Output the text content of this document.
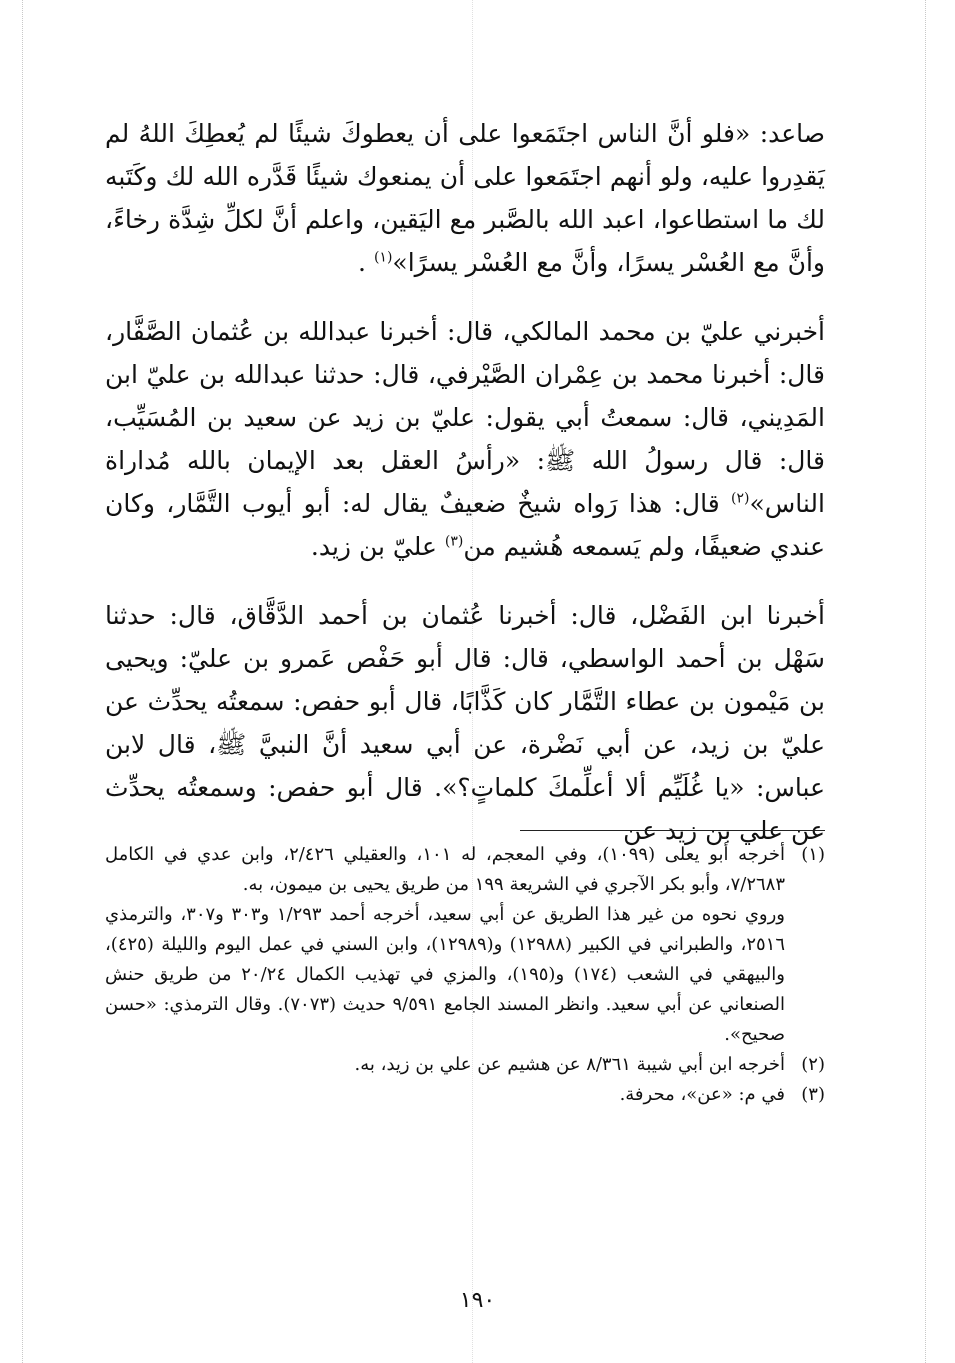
صاعد: «فلو أنَّ الناس اجتَمَعوا على أن يعطوكَ شيئًا لم يُعطِكَ اللهُ لم يَقدِروا عليه، ولو أنهم اجتَمَعوا على أن يمنعوك شيئًا قَدَّره الله لك وكَتَبه لك ما استطاعوا، اعبد الله بالصَّبر مع اليَقين، واعلم أنَّ لكلِّ شِدَّة رخاءً، وأنَّ مع العُسْر يسرًا، وأنَّ مع العُسْر يسرًا»$^{(١)}$ .

أخبرني عليّ بن محمد المالكي، قال: أخبرنا عبدالله بن عُثمان الصَّفَّار، قال: أخبرنا محمد بن عِمْران الصَّيْرفي، قال: حدثنا عبدالله بن عليّ ابن المَدِيني، قال: سمعتُ أبي يقول: عليّ بن زيد عن سعيد بن المُسَيِّب، قال: قال رسولُ الله ﷺ: «رأسُ العقل بعد الإيمان بالله مُداراة الناس»$^{(٢)}$ قال: هذا رَواه شيخٌ ضعيفٌ يقال له: أبو أيوب التَّمَّار، وكان عندي ضعيفًا، ولم يَسمعه هُشيم من$^{(٣)}$ عليّ بن زيد.

أخبرنا ابن الفَضْل، قال: أخبرنا عُثمان بن أحمد الدَّقَّاق، قال: حدثنا سَهْل بن أحمد الواسطي، قال: قال أبو حَفْص عَمرو بن عليّ: ويحيى بن مَيْمون بن عطاء التَّمَّار كان كَذَّابًا، قال أبو حفص: سمعتُه يحدِّث عن عليّ بن زيد، عن أبي نَضْرة، عن أبي سعيد أنَّ النبيَّ ﷺ، قال لابن عباس: «يا غُلَيِّم ألا أعلِّمكَ كلماتٍ؟». قال أبو حفص: وسمعتُه يحدِّث عن علي بن زيد عن

(١)
أخرجه أبو يعلى (١٠٩٩)، وفي المعجم، له ١٠١، والعقيلي ٢/٤٢٦، وابن عدي في الكامل ٧/٢٦٨٣، وأبو بكر الآجري في الشريعة ١٩٩ من طريق يحيى بن ميمون، به.

وروي نحوه من غير هذا الطريق عن أبي سعيد، أخرجه أحمد ١/٢٩٣ و٣٠٣ و٣٠٧، والترمذي ٢٥١٦، والطبراني في الكبير (١٢٩٨٨) و(١٢٩٨٩)، وابن السني في عمل اليوم والليلة (٤٢٥)، والبيهقي في الشعب (١٧٤) و(١٩٥)، والمزي في تهذيب الكمال ٢٠/٢٤ من طريق حنش الصنعاني عن أبي سعيد. وانظر المسند الجامع ٩/٥٩١ حديث (٧٠٧٣). وقال الترمذي: «حسن صحيح».

(٢)
أخرجه ابن أبي شيبة ٨/٣٦١ عن هشيم عن علي بن زيد، به.
(٣)
في م: «عن»، محرفة.
١٩٠
